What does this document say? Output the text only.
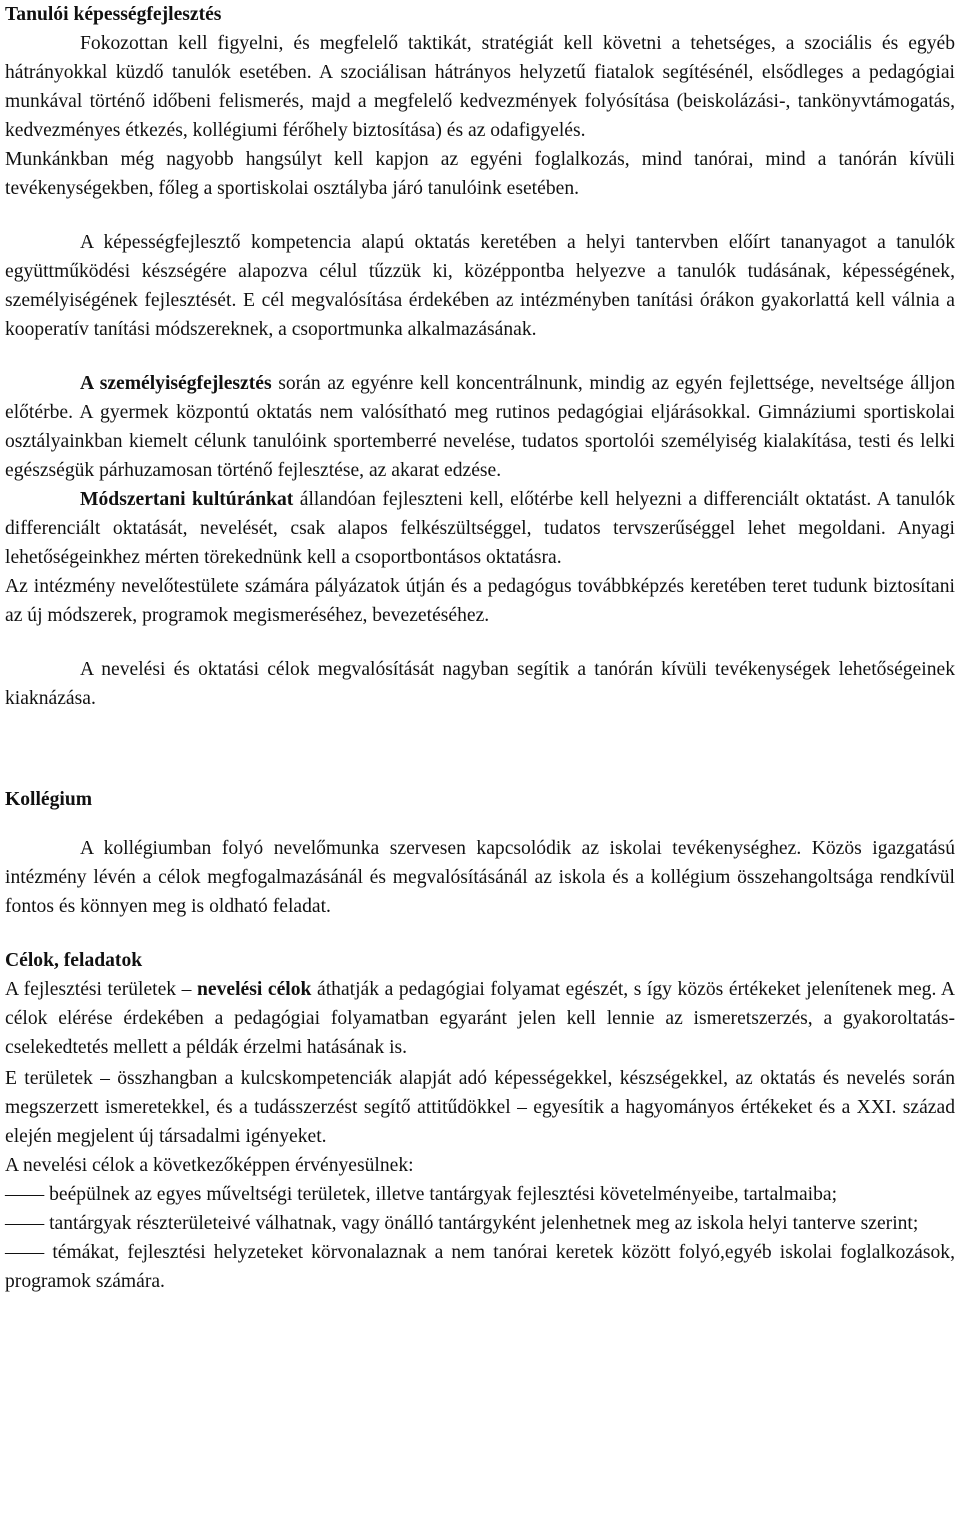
Tanulói képességfejlesztés

Fokozottan kell figyelni, és megfelelő taktikát, stratégiát kell követni a tehetséges, a szociális és egyéb hátrányokkal küzdő tanulók esetében. A szociálisan hátrányos helyzetű fiatalok segítésénél, elsődleges a pedagógiai munkával történő időbeni felismerés, majd a megfelelő kedvezmények folyósítása (beiskolázási-, tankönyvtámogatás, kedvezményes étkezés, kollégiumi férőhely biztosítása) és az odafigyelés.

Munkánkban még nagyobb hangsúlyt kell kapjon az egyéni foglalkozás, mind tanórai, mind a tanórán kívüli tevékenységekben, főleg a sportiskolai osztályba járó tanulóink esetében.

A képességfejlesztő kompetencia alapú oktatás keretében a helyi tantervben előírt tananyagot a tanulók együttműködési készségére alapozva célul tűzzük ki, középpontba helyezve a tanulók tudásának, képességének, személyiségének fejlesztését. E cél megvalósítása érdekében az intézményben tanítási órákon gyakorlattá kell válnia a kooperatív tanítási módszereknek, a csoportmunka alkalmazásának.

A személyiségfejlesztés során az egyénre kell koncentrálnunk, mindig az egyén fejlettsége, neveltsége álljon előtérbe. A gyermek központú oktatás nem valósítható meg rutinos pedagógiai eljárásokkal. Gimnáziumi sportiskolai osztályainkban kiemelt célunk tanulóink sportemberré nevelése, tudatos sportolói személyiség kialakítása, testi és lelki egészségük párhuzamosan történő fejlesztése, az akarat edzése.

Módszertani kultúránkat állandóan fejleszteni kell, előtérbe kell helyezni a differenciált oktatást. A tanulók differenciált oktatását, nevelését, csak alapos felkészültséggel, tudatos tervszerűséggel lehet megoldani. Anyagi lehetőségeinkhez mérten törekednünk kell a csoportbontásos oktatásra.

Az intézmény nevelőtestülete számára pályázatok útján és a pedagógus továbbképzés keretében teret tudunk biztosítani az új módszerek, programok megismeréséhez, bevezetéséhez.

A nevelési és oktatási célok megvalósítását nagyban segítik a tanórán kívüli tevékenységek lehetőségeinek kiaknázása.

Kollégium

A kollégiumban folyó nevelőmunka szervesen kapcsolódik az iskolai tevékenységhez. Közös igazgatású intézmény lévén a célok megfogalmazásánál és megvalósításánál az iskola és a kollégium összehangoltsága rendkívül fontos és könnyen meg is oldható feladat.

Célok, feladatok

A fejlesztési területek – nevelési célok áthatják a pedagógiai folyamat egészét, s így közös értékeket jelenítenek meg. A célok elérése érdekében a pedagógiai folyamatban egyaránt jelen kell lennie az ismeretszerzés, a gyakoroltatás-cselekedtetés mellett a példák érzelmi hatásának is.

E területek – összhangban a kulcskompetenciák alapját adó képességekkel, készségekkel, az oktatás és nevelés során megszerzett ismeretekkel, és a tudásszerzést segítő attitűdökkel – egyesítik a hagyományos értékeket és a XXI. század elején megjelent új társadalmi igényeket.

A nevelési célok a következőképpen érvényesülnek:

—— beépülnek az egyes műveltségi területek, illetve tantárgyak fejlesztési követelményeibe, tartalmaiba;

—— tantárgyak részterületeivé válhatnak, vagy önálló tantárgyként jelenhetnek meg az iskola helyi tanterve szerint;

—— témákat, fejlesztési helyzeteket körvonalaznak a nem tanórai keretek között folyó,egyéb iskolai foglalkozások, programok számára.
